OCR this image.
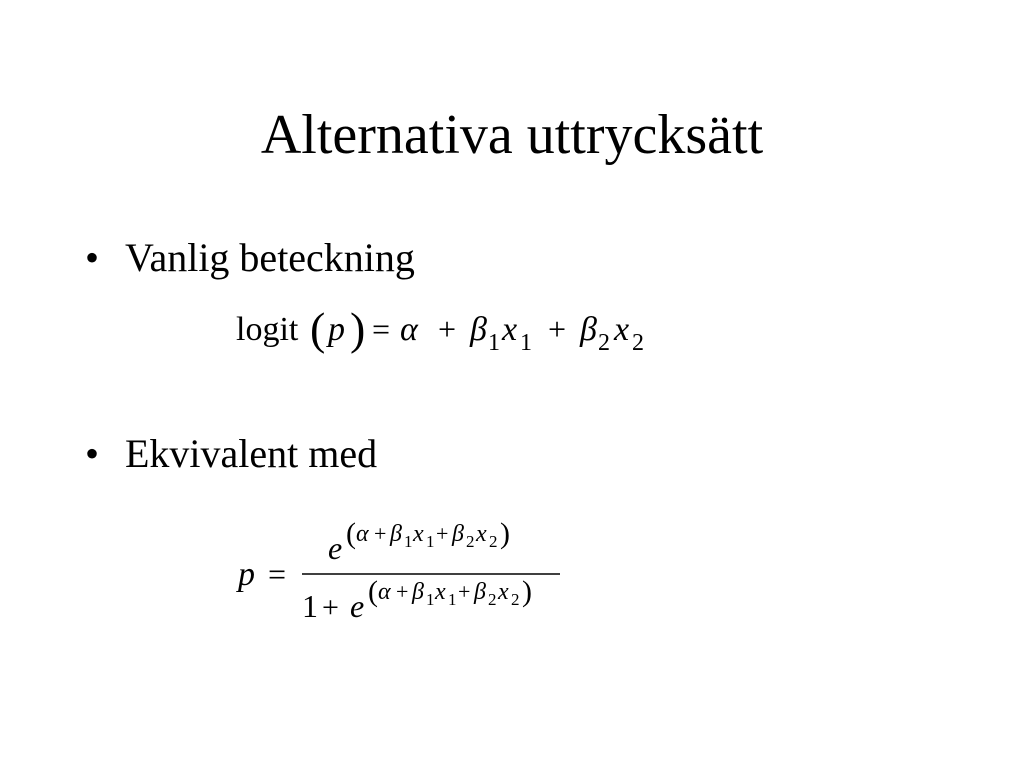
Alternativa uttrycksätt
• Vanlig beteckning
logit ( p ) = α + β 1 x 1 + β 2 x 2
• Ekvivalent med
p =
e ( α + β 1 x 1 + β 2 x 2 )
1 + e ( α + β 1 x 1 + β 2 x 2 )
